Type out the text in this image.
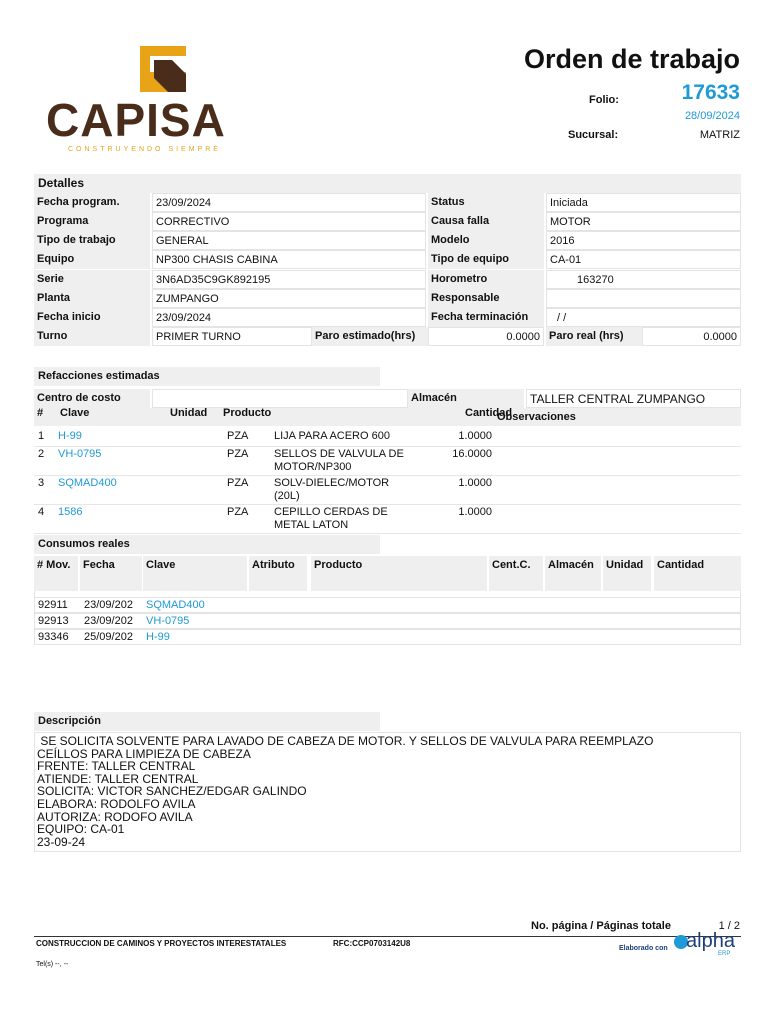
CAPISA
CONSTRUYENDO SIEMPRE
Orden de trabajo
Folio:	17633
28/09/2024
Sucursal:	MATRIZ
Detalles
Fecha program.	23/09/2024	Status	Iniciada
Programa	CORRECTIVO	Causa falla	MOTOR
Tipo de trabajo	GENERAL	Modelo	2016
Equipo	NP300 CHASIS CABINA	Tipo de equipo	CA-01
Serie	3N6AD35C9GK892195	Horometro	163270
Planta	ZUMPANGO	Responsable
Fecha inicio	23/09/2024	Fecha terminación	/ /
Turno	PRIMER TURNO	Paro estimado(hrs)	0.0000 Paro real (hrs)	0.0000
Refacciones estimadas
Centro de costo	Almacén	TALLER CENTRAL ZUMPANGO
# Clave	Unidad Producto	Cantidad
Observaciones
1 H-99	PZA LIJA PARA ACERO 600	1.0000
2 VH-0795	PZA SELLOS DE VALVULA DE MOTOR/NP300
16.0000
3 SQMAD400	PZA SOLV-DIELEC/MOTOR (20L)
1.0000
4 1586	PZA CEPILLO CERDAS DE METAL LATON
1.0000
Consumos reales
# Mov.	Fecha	Clave	Atributo	Producto	Cent.C.	Almacén	Unidad	Cantidad
92911 23/09/202 SQMAD400
92913 23/09/202 VH-0795
93346 25/09/202 H-99
Descripción
SE SOLICITA SOLVENTE PARA LAVADO DE CABEZA DE MOTOR. Y SELLOS DE VALVULA PARA REEMPLAZO
CEÍLLOS PARA LIMPIEZA DE CABEZA
FRENTE: TALLER CENTRAL
ATIENDE: TALLER CENTRAL
SOLICITA: VICTOR SANCHEZ/EDGAR GALINDO
ELABORA: RODOLFO AVILA
AUTORIZA: RODOFO AVILA
EQUIPO: CA-01
23-09-24
No. página / Páginas totale	1 / 2
CONSTRUCCION DE CAMINOS Y PROYECTOS INTERESTATALES	RFC:CCP0703142U8
Tel(s) --, --
Elaborado con alpha
ERP
